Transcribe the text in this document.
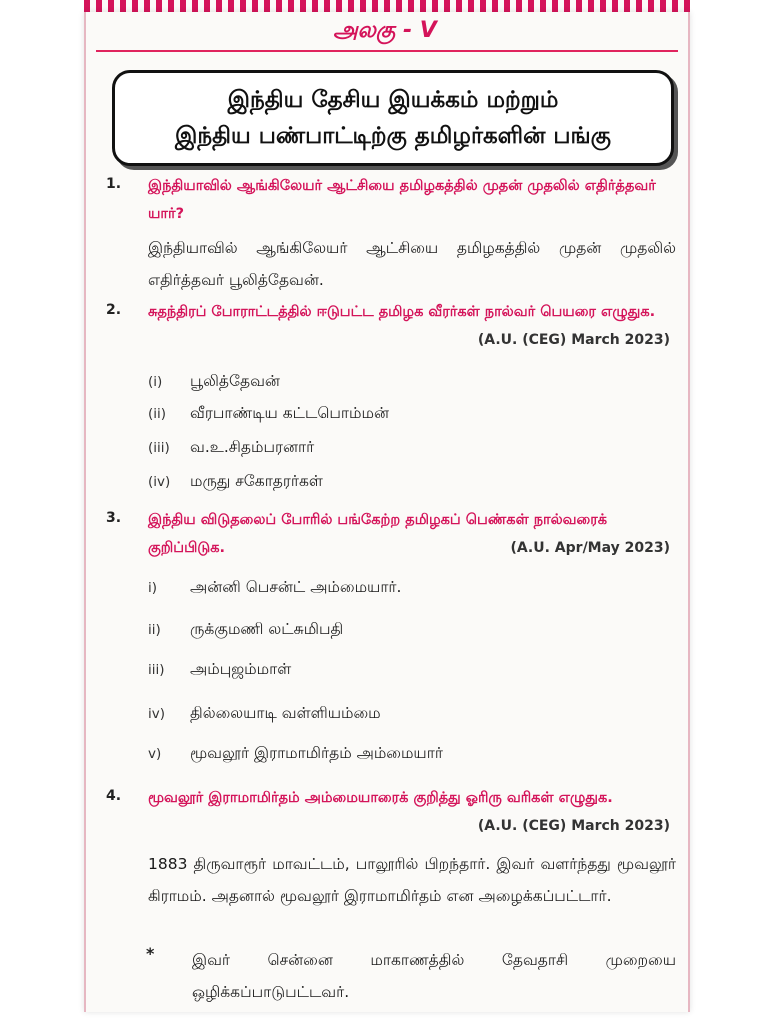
அலகு - V
இந்திய தேசிய இயக்கம் மற்றும்
இந்திய பண்பாட்டிற்கு தமிழர்களின் பங்கு
1. இந்தியாவில் ஆங்கிலேயர் ஆட்சியை தமிழகத்தில் முதன் முதலில் எதிர்த்தவர் யார்?
இந்தியாவில் ஆங்கிலேயர் ஆட்சியை தமிழகத்தில் முதன் முதலில் எதிர்த்தவர் பூலித்தேவன்.
2. சுதந்திரப் போராட்டத்தில் ஈடுபட்ட தமிழக வீரர்கள் நால்வர் பெயரை எழுதுக.
(A.U. (CEG) March 2023)
(i) பூலித்தேவன்
(ii) வீரபாண்டிய கட்டபொம்மன்
(iii) வ.உ.சிதம்பரனார்
(iv) மருது சகோதரர்கள்
3. இந்திய விடுதலைப் போரில் பங்கேற்ற தமிழகப் பெண்கள் நால்வரைக் குறிப்பிடுக.	(A.U. Apr/May 2023)
i) அன்னி பெசன்ட் அம்மையார்.
ii) ருக்குமணி லட்சுமிபதி
iii) அம்புஜம்மாள்
iv) தில்லையாடி வள்ளியம்மை
v) மூவலூர் இராமாமிர்தம் அம்மையார்
4. மூவலூர் இராமாமிர்தம் அம்மையாரைக் குறித்து ஓரிரு வரிகள் எழுதுக.
(A.U. (CEG) March 2023)
1883 திருவாரூர் மாவட்டம், பாலூரில் பிறந்தார். இவர் வளர்ந்தது மூவலூர் கிராமம். அதனால் மூவலூர் இராமாமிர்தம் என அழைக்கப்பட்டார்.
* இவர் சென்னை மாகாணத்தில் தேவதாசி முறையை ஒழிக்கப்பாடுபட்டவர்.
